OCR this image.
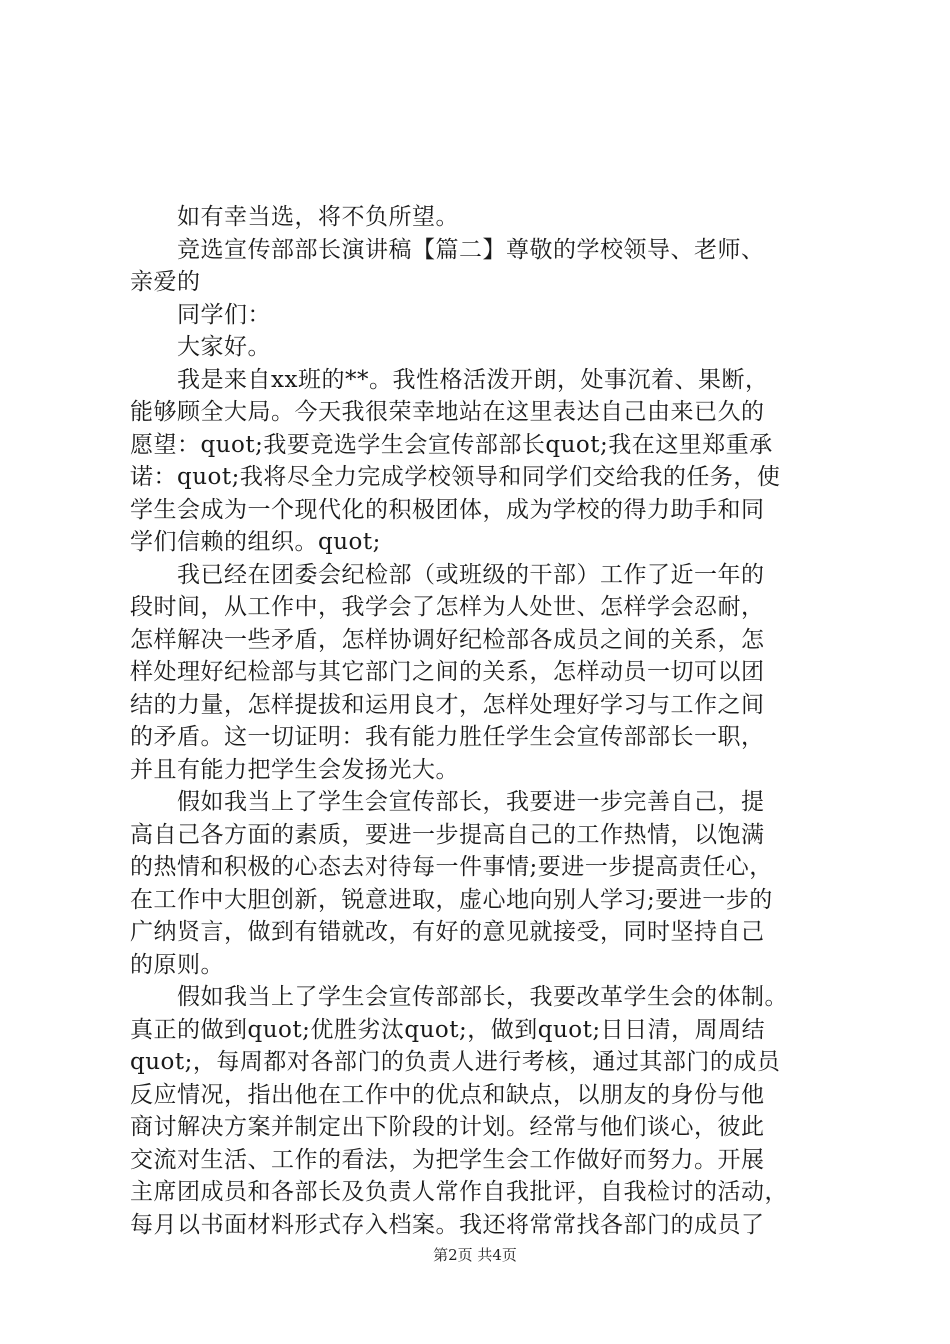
　　如有幸当选，将不负所望。
　　竞选宣传部部长演讲稿【篇二】尊敬的学校领导、老师、
亲爱的
　　同学们：
　　大家好。
　　我是来自xx班的**。我性格活泼开朗，处事沉着、果断，
能够顾全大局。今天我很荣幸地站在这里表达自己由来已久的
愿望：quot;我要竞选学生会宣传部部长quot;我在这里郑重承
诺：quot;我将尽全力完成学校领导和同学们交给我的任务，使
学生会成为一个现代化的积极团体，成为学校的得力助手和同
学们信赖的组织。quot;
　　我已经在团委会纪检部（或班级的干部）工作了近一年的
段时间，从工作中，我学会了怎样为人处世、怎样学会忍耐，
怎样解决一些矛盾，怎样协调好纪检部各成员之间的关系，怎
样处理好纪检部与其它部门之间的关系，怎样动员一切可以团
结的力量，怎样提拔和运用良才，怎样处理好学习与工作之间
的矛盾。这一切证明：我有能力胜任学生会宣传部部长一职，
并且有能力把学生会发扬光大。
　　假如我当上了学生会宣传部长，我要进一步完善自己，提
高自己各方面的素质，要进一步提高自己的工作热情，以饱满
的热情和积极的心态去对待每一件事情;要进一步提高责任心，
在工作中大胆创新，锐意进取，虚心地向别人学习;要进一步的
广纳贤言，做到有错就改，有好的意见就接受，同时坚持自己
的原则。
　　假如我当上了学生会宣传部部长，我要改革学生会的体制。
真正的做到quot;优胜劣汰quot;，做到quot;日日清，周周结
quot;，每周都对各部门的负责人进行考核，通过其部门的成员
反应情况，指出他在工作中的优点和缺点，以朋友的身份与他
商讨解决方案并制定出下阶段的计划。经常与他们谈心，彼此
交流对生活、工作的看法，为把学生会工作做好而努力。开展
主席团成员和各部长及负责人常作自我批评，自我检讨的活动，
每月以书面材料形式存入档案。我还将常常找各部门的成员了
第2页 共4页
